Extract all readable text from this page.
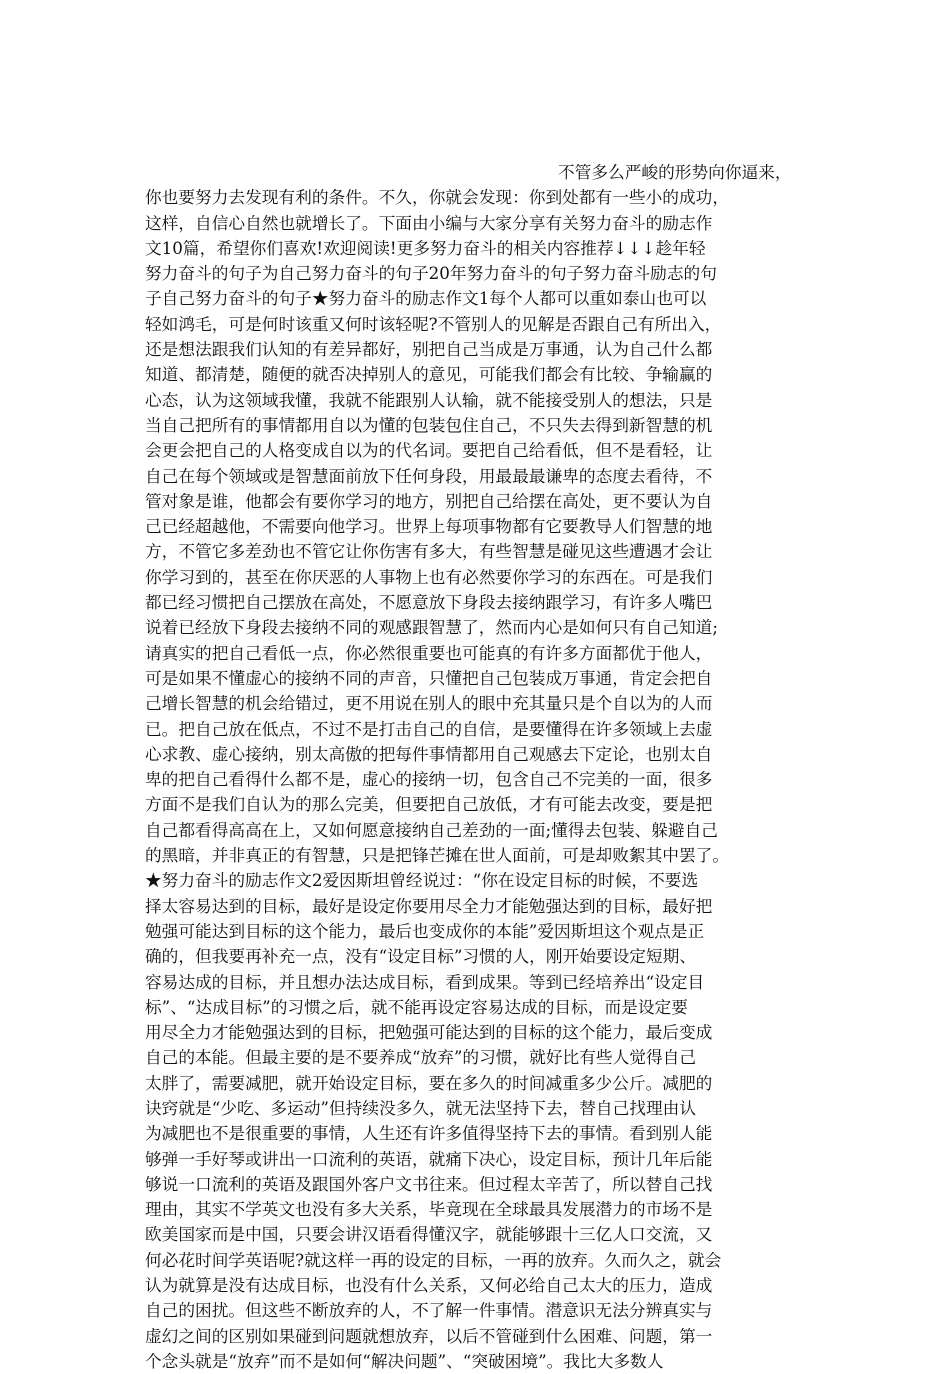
不管多么严峻的形势向你逼来，
你也要努力去发现有利的条件。不久，你就会发现：你到处都有一些小的成功，
这样，自信心自然也就增长了。下面由小编与大家分享有关努力奋斗的励志作
文10篇，希望你们喜欢!欢迎阅读!更多努力奋斗的相关内容推荐↓↓↓趁年轻
努力奋斗的句子为自己努力奋斗的句子20年努力奋斗的句子努力奋斗励志的句
子自己努力奋斗的句子★努力奋斗的励志作文1每个人都可以重如泰山也可以
轻如鸿毛，可是何时该重又何时该轻呢?不管别人的见解是否跟自己有所出入，
还是想法跟我们认知的有差异都好，别把自己当成是万事通，认为自己什么都
知道、都清楚，随便的就否决掉别人的意见，可能我们都会有比较、争输赢的
心态，认为这领域我懂，我就不能跟别人认输，就不能接受别人的想法，只是
当自己把所有的事情都用自以为懂的包装包住自己，不只失去得到新智慧的机
会更会把自己的人格变成自以为的代名词。要把自己给看低，但不是看轻，让
自己在每个领域或是智慧面前放下任何身段，用最最最谦卑的态度去看待，不
管对象是谁，他都会有要你学习的地方，别把自己给摆在高处，更不要认为自
己已经超越他，不需要向他学习。世界上每项事物都有它要教导人们智慧的地
方，不管它多差劲也不管它让你伤害有多大，有些智慧是碰见这些遭遇才会让
你学习到的，甚至在你厌恶的人事物上也有必然要你学习的东西在。可是我们
都已经习惯把自己摆放在高处，不愿意放下身段去接纳跟学习，有许多人嘴巴
说着已经放下身段去接纳不同的观感跟智慧了，然而内心是如何只有自己知道;
请真实的把自己看低一点，你必然很重要也可能真的有许多方面都优于他人，
可是如果不懂虚心的接纳不同的声音，只懂把自己包装成万事通，肯定会把自
己增长智慧的机会给错过，更不用说在别人的眼中充其量只是个自以为的人而
已。把自己放在低点，不过不是打击自己的自信，是要懂得在许多领域上去虚
心求教、虚心接纳，别太高傲的把每件事情都用自己观感去下定论，也别太自
卑的把自己看得什么都不是，虚心的接纳一切，包含自己不完美的一面，很多
方面不是我们自认为的那么完美，但要把自己放低，才有可能去改变，要是把
自己都看得高高在上，又如何愿意接纳自己差劲的一面;懂得去包装、躲避自己
的黑暗，并非真正的有智慧，只是把锋芒摊在世人面前，可是却败絮其中罢了。
★努力奋斗的励志作文2爱因斯坦曾经说过：“你在设定目标的时候，不要选
择太容易达到的目标，最好是设定你要用尽全力才能勉强达到的目标，最好把
勉强可能达到目标的这个能力，最后也变成你的本能”爱因斯坦这个观点是正
确的，但我要再补充一点，没有“设定目标”习惯的人，刚开始要设定短期、
容易达成的目标，并且想办法达成目标，看到成果。等到已经培养出“设定目
标”、“达成目标”的习惯之后，就不能再设定容易达成的目标，而是设定要
用尽全力才能勉强达到的目标，把勉强可能达到的目标的这个能力，最后变成
自己的本能。但最主要的是不要养成“放弃”的习惯，就好比有些人觉得自己
太胖了，需要减肥，就开始设定目标，要在多久的时间减重多少公斤。减肥的
诀窍就是“少吃、多运动”但持续没多久，就无法坚持下去，替自己找理由认
为减肥也不是很重要的事情，人生还有许多值得坚持下去的事情。看到别人能
够弹一手好琴或讲出一口流利的英语，就痛下决心，设定目标，预计几年后能
够说一口流利的英语及跟国外客户文书往来。但过程太辛苦了，所以替自己找
理由，其实不学英文也没有多大关系，毕竟现在全球最具发展潜力的市场不是
欧美国家而是中国，只要会讲汉语看得懂汉字，就能够跟十三亿人口交流，又
何必花时间学英语呢?就这样一再的设定的目标，一再的放弃。久而久之，就会
认为就算是没有达成目标，也没有什么关系，又何必给自己太大的压力，造成
自己的困扰。但这些不断放弃的人，不了解一件事情。潜意识无法分辨真实与
虚幻之间的区别如果碰到问题就想放弃，以后不管碰到什么困难、问题，第一
个念头就是“放弃”而不是如何“解决问题”、“突破困境”。我比大多数人
